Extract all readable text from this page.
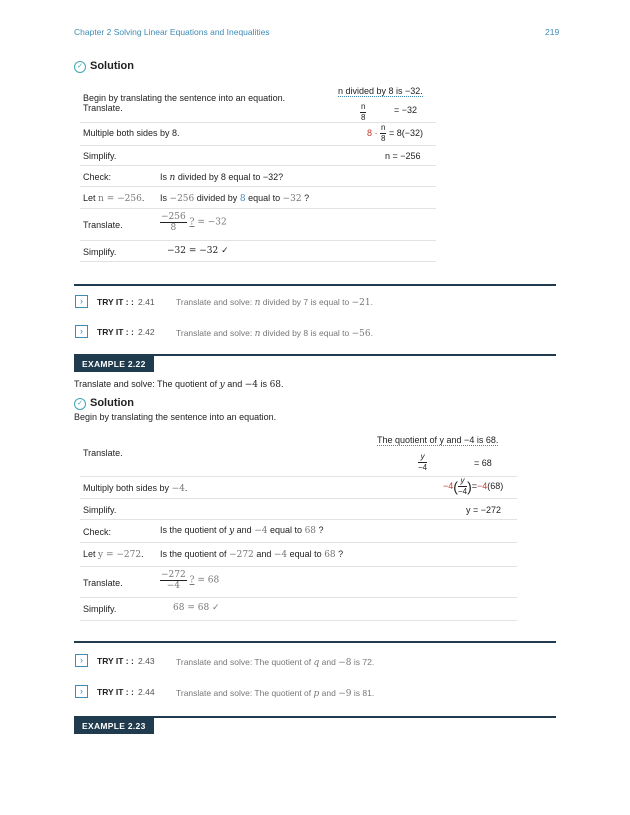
Chapter 2 Solving Linear Equations and Inequalities	219
✓ Solution
Begin by translating the sentence into an equation.
Translate.
n divided by 8 is −32.
$\frac{n}{8}$	= −32
Multiple both sides by 8.	$8 \cdot \frac{n}{8} = 8(-32)$
Simplify.	n = −256
Check:	Is n divided by 8 equal to −32?
Let n = −256. Is −256 divided by 8 equal to −32 ?
Translate.	$\frac{-256}{8}$ ? = −32
Simplify.	−32 = −32 ✓
›	TRY IT : : 2.41	Translate and solve: n divided by 7 is equal to −21.
›	TRY IT : : 2.42	Translate and solve: n divided by 8 is equal to −56.
EXAMPLE 2.22
Translate and solve: The quotient of y and −4 is 68.
✓ Solution
Begin by translating the sentence into an equation.
The quotient of y and −4 is 68.
Translate.	$\frac{y}{-4}$	= 68
Multiply both sides by −4.	$-4( \frac{y}{-4} )=-4(68)$
Simplify.	y = −272
Check:	Is the quotient of y and −4 equal to 68 ?
Let y = −272. Is the quotient of −272 and −4 equal to 68 ?
Translate.	$\frac{-272}{-4}$ ? = 68
Simplify.	68 = 68 ✓
›	TRY IT : : 2.43	Translate and solve: The quotient of q and −8 is 72.
›	TRY IT : : 2.44	Translate and solve: The quotient of p and −9 is 81.
EXAMPLE 2.23
